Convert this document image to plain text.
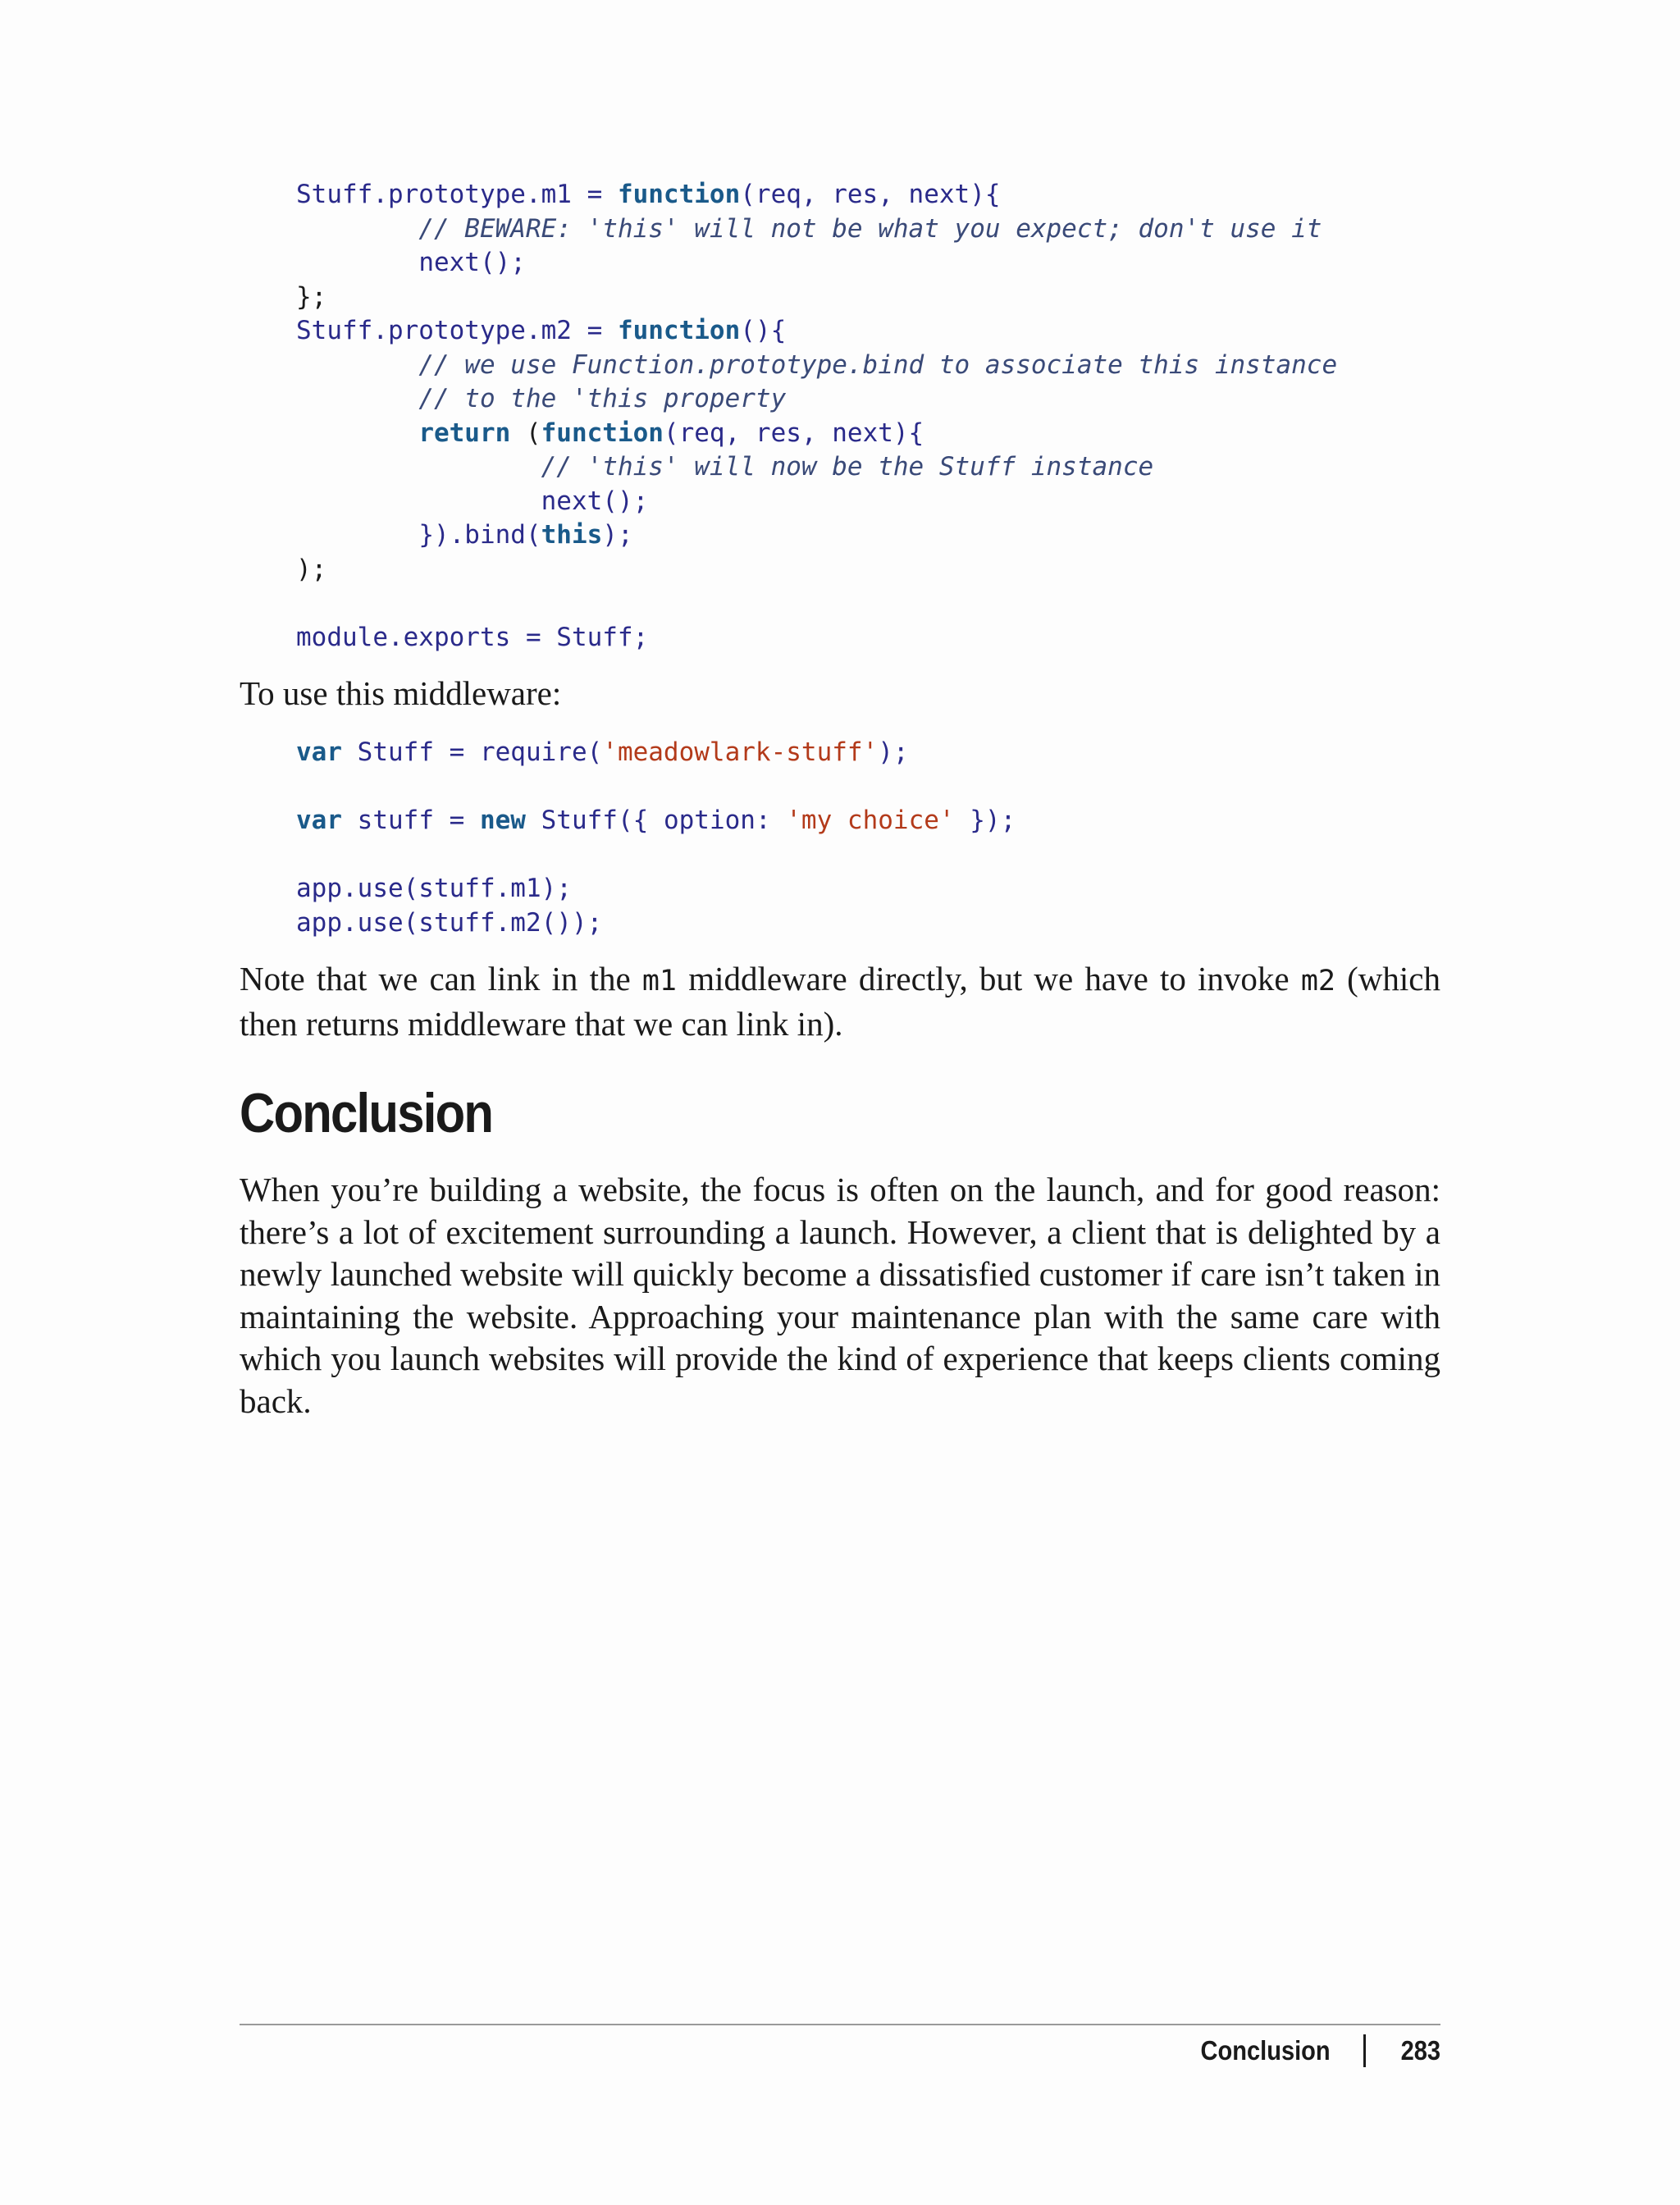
Stuff.prototype.m1 = function(req, res, next){
// BEWARE: 'this' will not be what you expect; don't use it
next();
};
Stuff.prototype.m2 = function(){
// we use Function.prototype.bind to associate this instance
// to the 'this property
return (function(req, res, next){
// 'this' will now be the Stuff instance
next();
}).bind(this);
);
module.exports = Stuff;

To use this middleware:

var Stuff = require('meadowlark-stuff');
var stuff = new Stuff({ option: 'my choice' });
app.use(stuff.m1);
app.use(stuff.m2());

Note that we can link in the m1 middleware directly, but we have to invoke m2 (which then returns middleware that we can link in).

Conclusion

When you’re building a website, the focus is often on the launch, and for good reason: there’s a lot of excitement surrounding a launch. However, a client that is delighted by a newly launched website will quickly become a dissatisfied customer if care isn’t taken in maintaining the website. Approaching your maintenance plan with the same care with which you launch websites will provide the kind of experience that keeps clients coming back.

Conclusion	283
